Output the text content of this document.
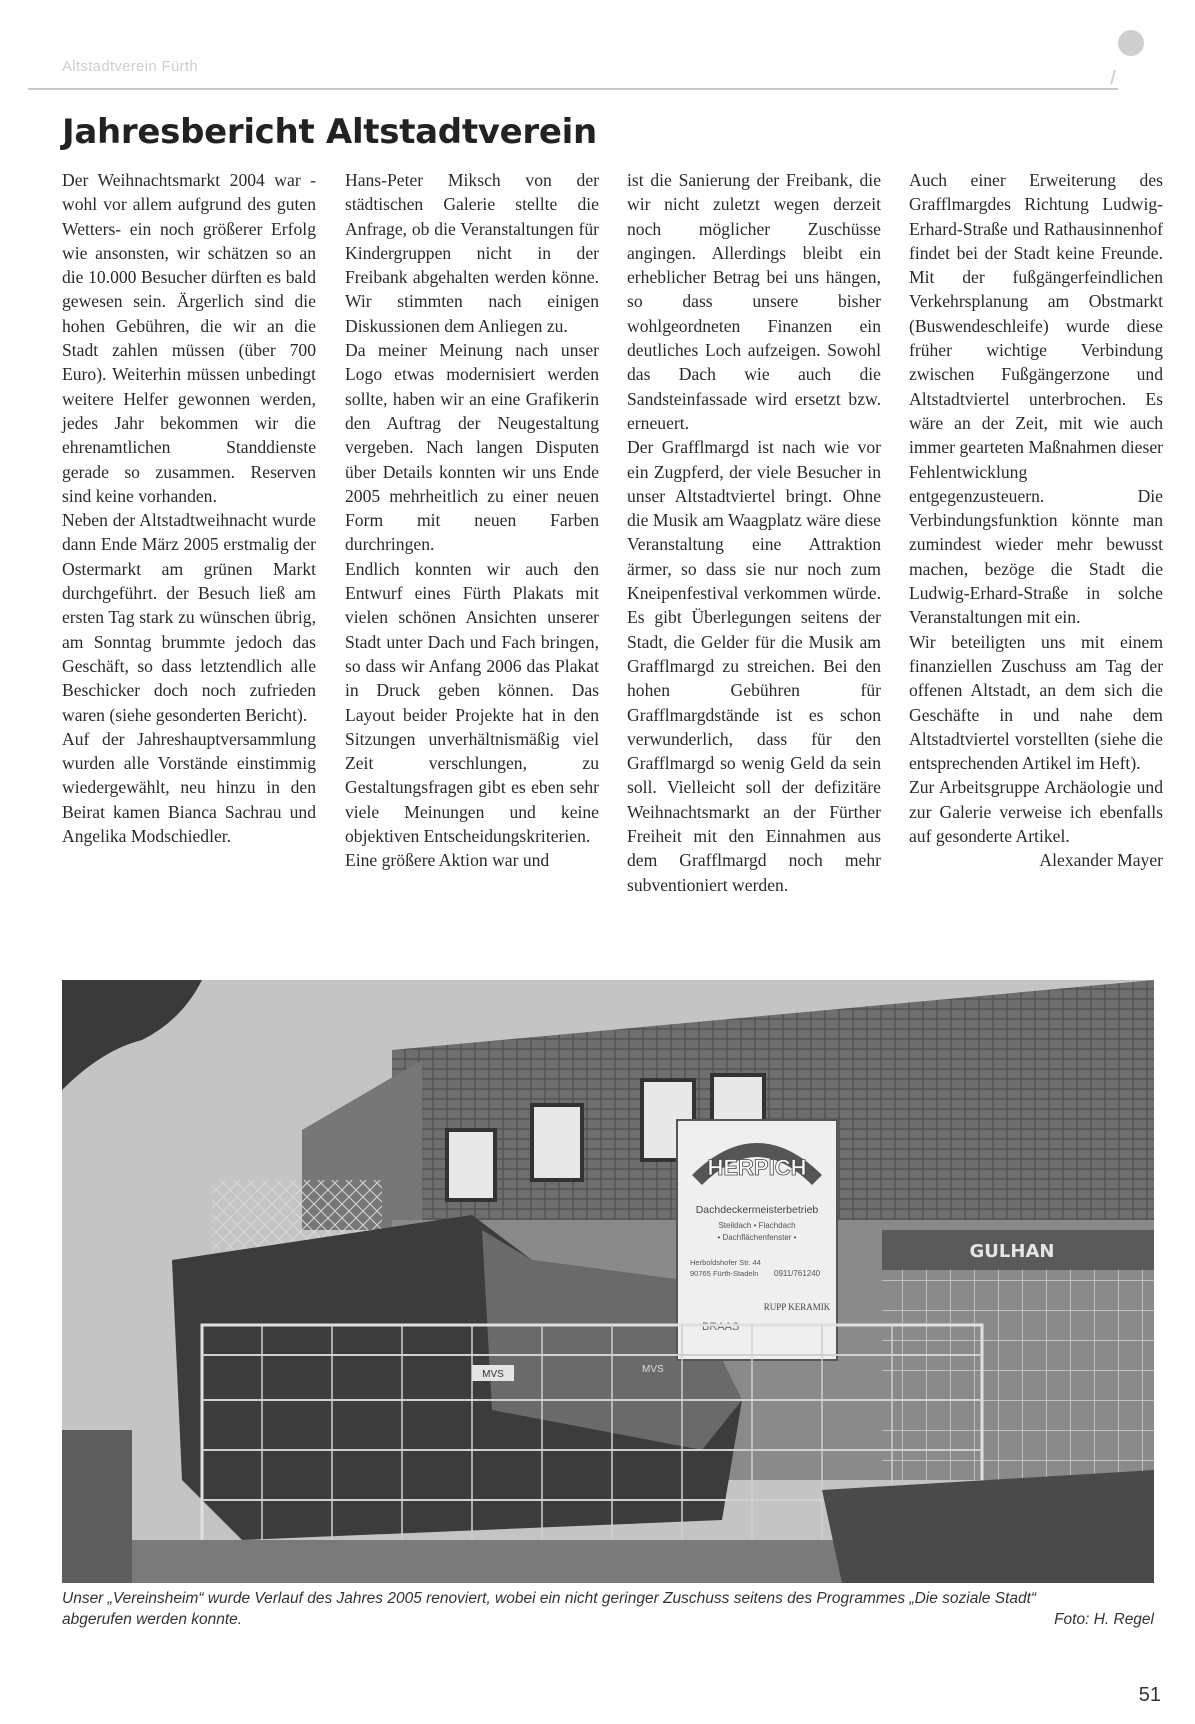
Altstadtverein Fürth
Jahresbericht Altstadtverein

Der Weihnachtsmarkt 2004 war -wohl vor allem aufgrund des guten Wetters- ein noch größerer Erfolg wie ansonsten, wir schätzen so an die 10.000 Besucher dürften es bald gewesen sein. Ärgerlich sind die hohen Gebühren, die wir an die Stadt zahlen müssen (über 700 Euro). Weiterhin müssen unbedingt weitere Helfer gewonnen werden, jedes Jahr bekommen wir die ehrenamtlichen Standdienste gerade so zusammen. Reserven sind keine vorhanden.

Neben der Altstadtweihnacht wurde dann Ende März 2005 erstmalig der Ostermarkt am grünen Markt durchgeführt. der Besuch ließ am ersten Tag stark zu wünschen übrig, am Sonntag brummte jedoch das Geschäft, so dass letztendlich alle Beschicker doch noch zufrieden waren (siehe gesonderten Bericht).

Auf der Jahreshauptversammlung wurden alle Vorstände einstimmig wiedergewählt, neu hinzu in den Beirat kamen Bianca Sachrau und Angelika Modschiedler.

Hans-Peter Miksch von der städtischen Galerie stellte die Anfrage, ob die Veranstaltungen für Kindergruppen nicht in der Freibank abgehalten werden könne. Wir stimmten nach einigen Diskussionen dem Anliegen zu.

Da meiner Meinung nach unser Logo etwas modernisiert werden sollte, haben wir an eine Grafikerin den Auftrag der Neugestaltung vergeben. Nach langen Disputen über Details konnten wir uns Ende 2005 mehrheitlich zu einer neuen Form mit neuen Farben durchringen.

Endlich konnten wir auch den Entwurf eines Fürth Plakats mit vielen schönen Ansichten unserer Stadt unter Dach und Fach bringen, so dass wir Anfang 2006 das Plakat in Druck geben können. Das Layout beider Projekte hat in den Sitzungen unverhältnismäßig viel Zeit verschlungen, zu Gestaltungsfragen gibt es eben sehr viele Meinungen und keine objektiven Entscheidungskriterien.

Eine größere Aktion war und

ist die Sanierung der Freibank, die wir nicht zuletzt wegen derzeit noch möglicher Zuschüsse angingen. Allerdings bleibt ein erheblicher Betrag bei uns hängen, so dass unsere bisher wohlgeordneten Finanzen ein deutliches Loch aufzeigen. Sowohl das Dach wie auch die Sandsteinfassade wird ersetzt bzw. erneuert.

Der Grafflmargd ist nach wie vor ein Zugpferd, der viele Besucher in unser Altstadtviertel bringt. Ohne die Musik am Waagplatz wäre diese Veranstaltung eine Attraktion ärmer, so dass sie nur noch zum Kneipenfestival verkommen würde. Es gibt Überlegungen seitens der Stadt, die Gelder für die Musik am Grafflmargd zu streichen. Bei den hohen Gebühren für Grafflmargdstände ist es schon verwunderlich, dass für den Grafflmargd so wenig Geld da sein soll. Vielleicht soll der defizitäre Weihnachtsmarkt an der Fürther Freiheit mit den Einnahmen aus dem Grafflmargd noch mehr subventioniert werden.

Auch einer Erweiterung des Grafflmargdes Richtung Ludwig-Erhard-Straße und Rathausinnenhof findet bei der Stadt keine Freunde. Mit der fußgängerfeindlichen Verkehrsplanung am Obstmarkt (Buswendeschleife) wurde diese früher wichtige Verbindung zwischen Fußgängerzone und Altstadtviertel unterbrochen. Es wäre an der Zeit, mit wie auch immer gearteten Maßnahmen dieser Fehlentwicklung entgegenzusteuern. Die Verbindungsfunktion könnte man zumindest wieder mehr bewusst machen, bezöge die Stadt die Ludwig-Erhard-Straße in solche Veranstaltungen mit ein.

Wir beteiligten uns mit einem finanziellen Zuschuss am Tag der offenen Altstadt, an dem sich die Geschäfte in und nahe dem Altstadtviertel vorstellten (siehe die entsprechenden Artikel im Heft).

Zur Arbeitsgruppe Archäologie und zur Galerie verweise ich ebenfalls auf gesonderte Artikel.

Alexander Mayer

HERPICH
Dachdeckermeisterbetrieb
Steildach • Flachdach
• Dachflächenfenster •
Herboldshofer Str. 44
90765 Fürth-Stadeln 0911/761240
RUPP KERAMIK
BRAAS
GULHAN
MVS	MVS
Unser „Vereinsheim“ wurde Verlauf des Jahres 2005 renoviert, wobei ein nicht geringer Zuschuss seitens des Programmes „Die soziale Stadt“
abgerufen werden konnte.	Foto: H. Regel
51
